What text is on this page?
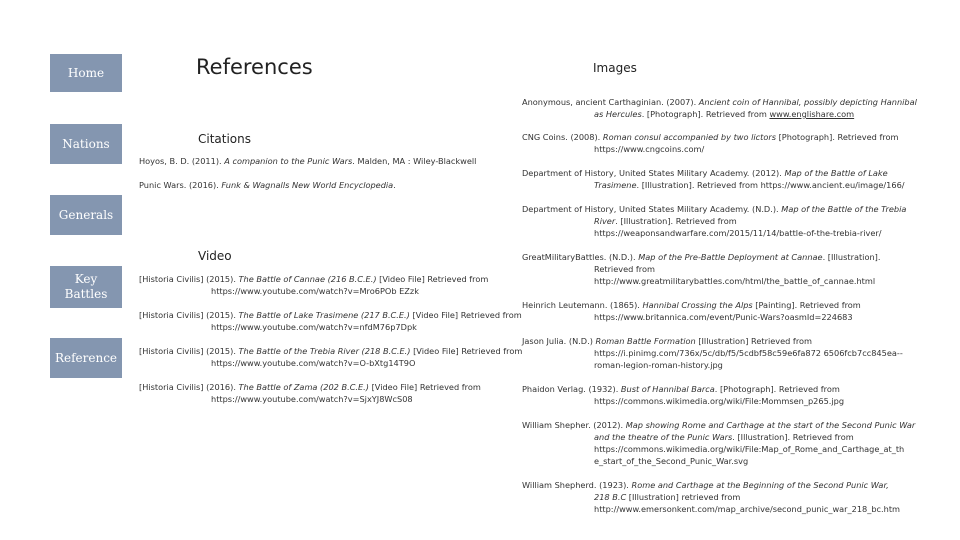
Home
Nations
Generals
Key Battles
Reference
References	Images
Citations
Hoyos, B. D. (2011). A companion to the Punic Wars. Malden, MA : Wiley-Blackwell
Punic Wars. (2016). Funk & Wagnalls New World Encyclopedia.
Video
[Historia Civilis] (2015). The Battle of Cannae (216 B.C.E.) [Video File] Retrieved from
https://www.youtube.com/watch?v=Mro6POb EZzk
[Historia Civilis] (2015). The Battle of Lake Trasimene (217 B.C.E.) [Video File] Retrieved from
https://www.youtube.com/watch?v=nfdM76p7Dpk
[Historia Civilis] (2015). The Battle of the Trebia River (218 B.C.E.) [Video File] Retrieved from
https://www.youtube.com/watch?v=O-bXtg14T9O
[Historia Civilis] (2016). The Battle of Zama (202 B.C.E.) [Video File] Retrieved from
https://www.youtube.com/watch?v=SjxYJ8WcS08
Anonymous, ancient Carthaginian. (2007). Ancient coin of Hannibal, possibly depicting Hannibal
as Hercules. [Photograph]. Retrieved from www.englishare.com
CNG Coins. (2008). Roman consul accompanied by two lictors [Photograph]. Retrieved from
https://www.cngcoins.com/
Department of History, United States Military Academy. (2012). Map of the Battle of Lake
Trasimene. [Illustration]. Retrieved from https://www.ancient.eu/image/166/
Department of History, United States Military Academy. (N.D.). Map of the Battle of the Trebia
River. [Illustration]. Retrieved from
https://weaponsandwarfare.com/2015/11/14/battle-of-the-trebia-river/
GreatMilitaryBattles. (N.D.). Map of the Pre-Battle Deployment at Cannae. [Illustration].
Retrieved from
http://www.greatmilitarybattles.com/html/the_battle_of_cannae.html
Heinrich Leutemann. (1865). Hannibal Crossing the Alps [Painting]. Retrieved from
https://www.britannica.com/event/Punic-Wars?oasmId=224683
Jason Julia. (N.D.) Roman Battle Formation [Illustration] Retrieved from
https://i.pinimg.com/736x/5c/db/f5/5cdbf58c59e6fa872 6506fcb7cc845ea--
roman-legion-roman-history.jpg
Phaidon Verlag. (1932). Bust of Hannibal Barca. [Photograph]. Retrieved from
https://commons.wikimedia.org/wiki/File:Mommsen_p265.jpg
William Shepher. (2012). Map showing Rome and Carthage at the start of the Second Punic War
and the theatre of the Punic Wars. [Illustration]. Retrieved from
https://commons.wikimedia.org/wiki/File:Map_of_Rome_and_Carthage_at_th
e_start_of_the_Second_Punic_War.svg
William Shepherd. (1923). Rome and Carthage at the Beginning of the Second Punic War,
218 B.C [Illustration] retrieved from
http://www.emersonkent.com/map_archive/second_punic_war_218_bc.htm
